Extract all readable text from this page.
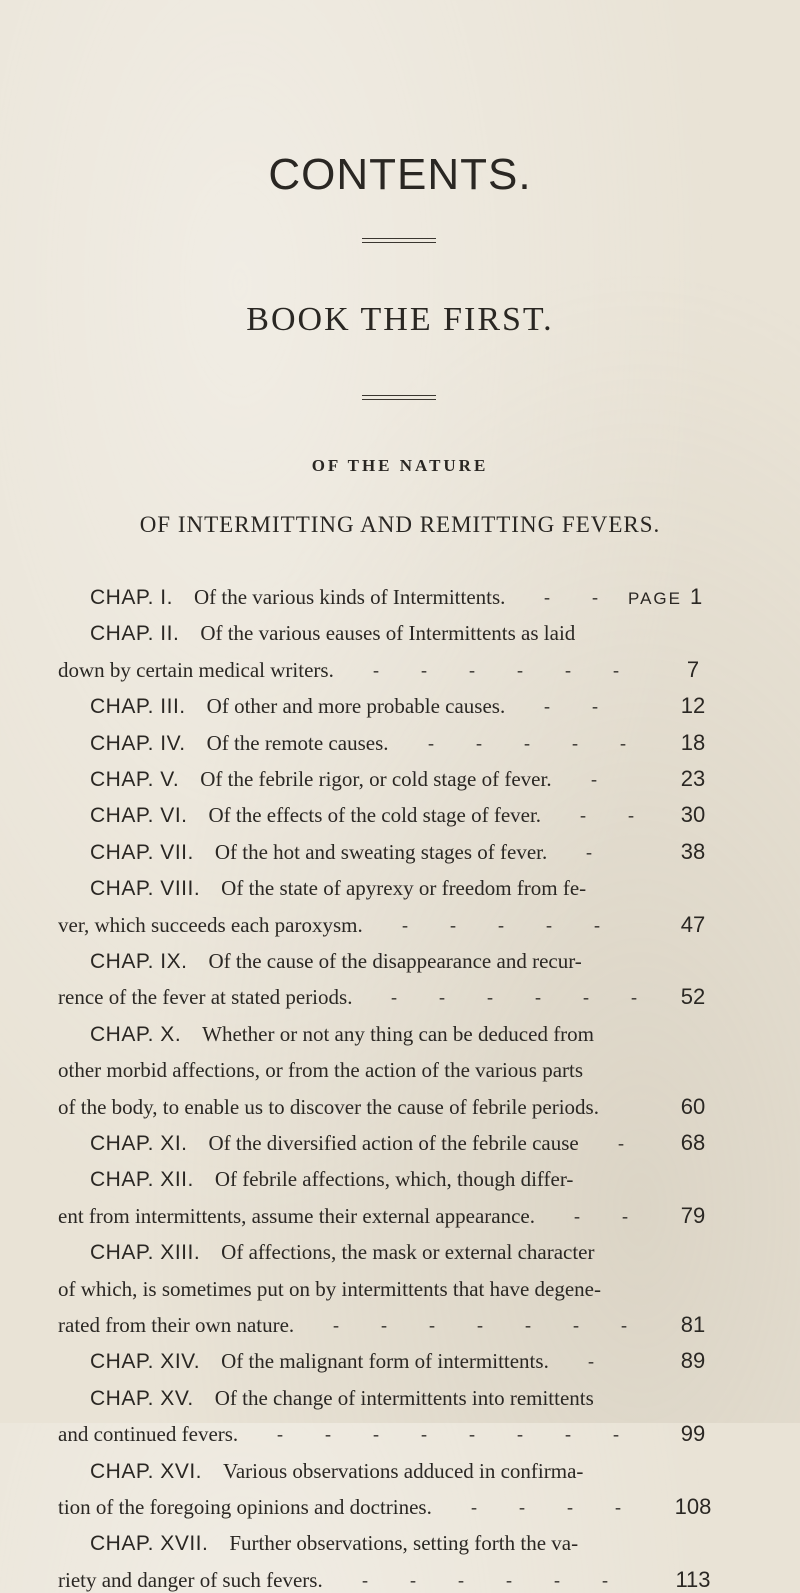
CONTENTS.
BOOK THE FIRST.
OF THE NATURE
OF INTERMITTING AND REMITTING FEVERS.
CHAP. I.  Of the various kinds of Intermittents.	- -	PAGE 1
CHAP. II.  Of the various eauses of Intermittents as laid
down by certain medical writers.	- - - - - -	7
CHAP. III.  Of other and more probable causes.	- -	12
CHAP. IV.  Of the remote causes.	- - - - -	18
CHAP. V.  Of the febrile rigor, or cold stage of fever.	-	23
CHAP. VI.  Of the effects of the cold stage of fever.	- -	30
CHAP. VII.  Of the hot and sweating stages of fever.	-	38
CHAP. VIII.  Of the state of apyrexy or freedom from fe-
ver, which succeeds each paroxysm.	- - - - -	47
CHAP. IX.  Of the cause of the disappearance and recur-
rence of the fever at stated periods.	- - - - - -	52
CHAP. X.  Whether or not any thing can be deduced from
other morbid affections, or from the action of the various parts
of the body, to enable us to discover the cause of febrile periods.	60
CHAP. XI.  Of the diversified action of the febrile cause	-	68
CHAP. XII.  Of febrile affections, which, though differ-
ent from intermittents, assume their external appearance.	- -	79
CHAP. XIII.  Of affections, the mask or external character
of which, is sometimes put on by intermittents that have degene-
rated from their own nature.	- - - - - - -	81
CHAP. XIV.  Of the malignant form of intermittents.	-	89
CHAP. XV.  Of the change of intermittents into remittents
and continued fevers.	- - - - - - - -	99
CHAP. XVI.  Various observations adduced in confirma-
tion of the foregoing opinions and doctrines.	- - - -	108
CHAP. XVII.  Further observations, setting forth the va-
riety and danger of such fevers.	- - - - - -	113
